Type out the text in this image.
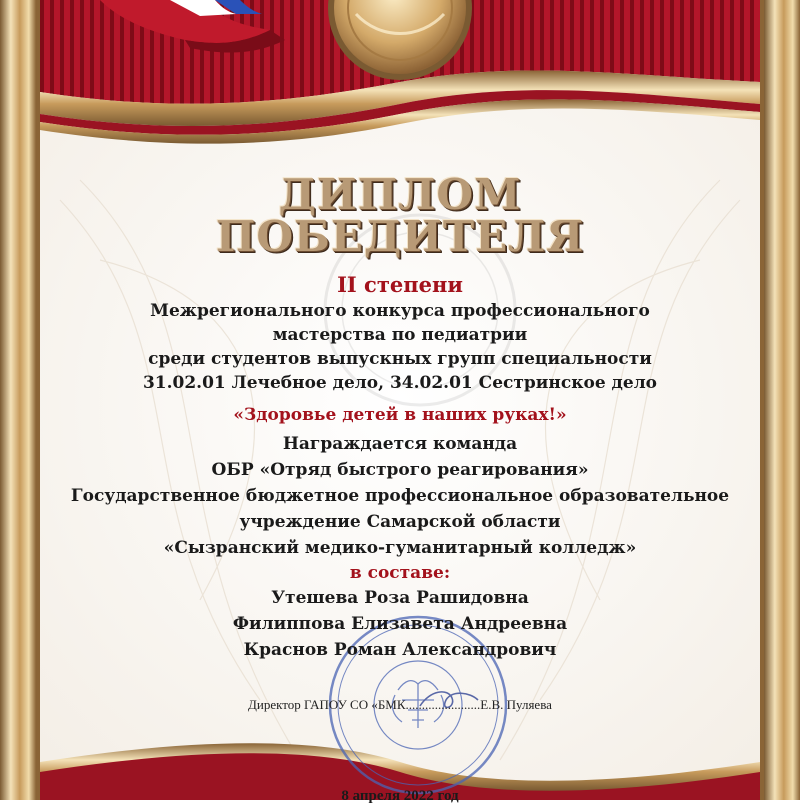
ДИПЛОМ
ПОБЕДИТЕЛЯ
II степени
Межрегионального конкурса профессионального
мастерства по педиатрии
среди студентов выпускных групп специальности
31.02.01 Лечебное дело, 34.02.01 Сестринское дело
«Здоровье детей в наших руках!»
Награждается команда
ОБР «Отряд быстрого реагирования»
Государственное бюджетное профессиональное образовательное
учреждение Самарской области
«Сызранский медико-гуманитарный колледж»
в составе:
Утешева Роза Рашидовна
Филиппова Елизавета Андреевна
Краснов Роман Александрович
Директор ГАПОУ СО «БМК.......................Е.В. Пуляева
8 апреля 2022 год
